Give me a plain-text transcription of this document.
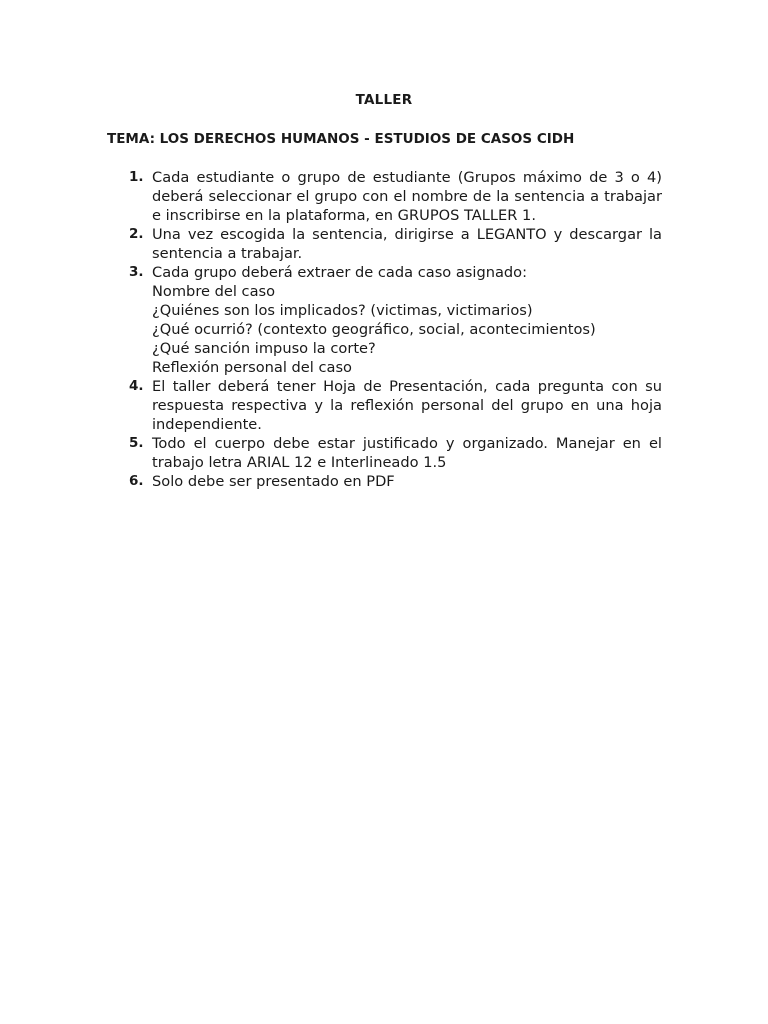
TALLER
TEMA: LOS DERECHOS HUMANOS - ESTUDIOS DE CASOS CIDH
1. Cada estudiante o grupo de estudiante (Grupos máximo de 3 o 4)
deberá seleccionar el grupo con el nombre de la sentencia a trabajar
e inscribirse en la plataforma, en GRUPOS TALLER 1.
2. Una vez escogida la sentencia, dirigirse a LEGANTO y descargar la
sentencia a trabajar.
3. Cada grupo deberá extraer de cada caso asignado:
Nombre del caso
¿Quiénes son los implicados? (victimas, victimarios)
¿Qué ocurrió? (contexto geográfico, social, acontecimientos)
¿Qué sanción impuso la corte?
Reflexión personal del caso
4. El taller deberá tener Hoja de Presentación, cada pregunta con su
respuesta respectiva y la reflexión personal del grupo en una hoja
independiente.
5. Todo el cuerpo debe estar justificado y organizado. Manejar en el
trabajo letra ARIAL 12 e Interlineado 1.5
6. Solo debe ser presentado en PDF
